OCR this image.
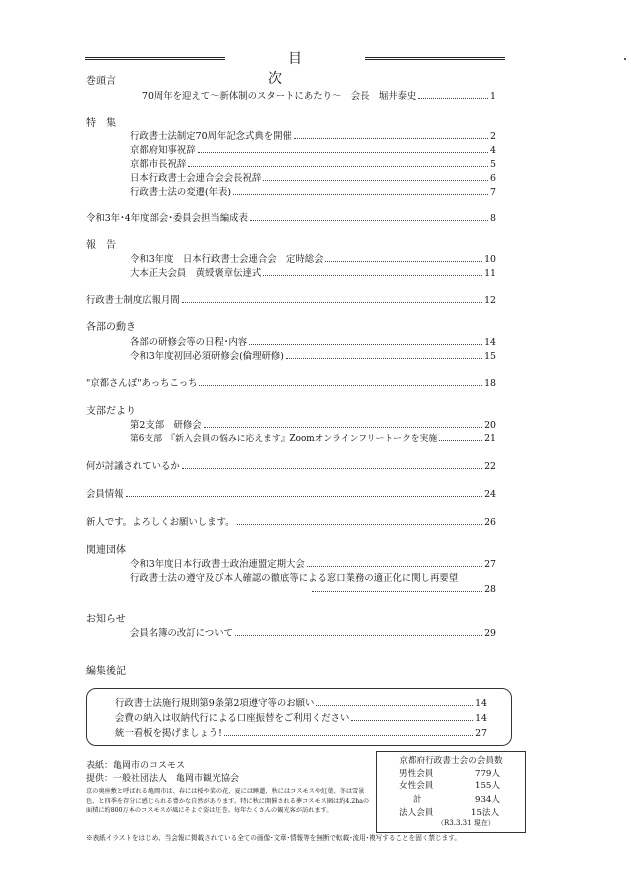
目　次
巻頭言
70周年を迎えて～新体制のスタートにあたり～　会長　堀井泰史	1
特　集
行政書士法制定70周年記念式典を開催	2
京都府知事祝辞	4
京都市長祝辞	5
日本行政書士会連合会会長祝辞	6
行政書士法の変遷(年表)	7
令和3年･4年度部会･委員会担当編成表	8
報　告
令和3年度　日本行政書士会連合会　定時総会	10
大本正夫会員　黄綬褒章伝達式	11
行政書士制度広報月間	12
各部の動き
各部の研修会等の日程･内容	14
令和3年度初回必須研修会(倫理研修)	15
"京都さんぽ"あっちこっち	18
支部だより
第2支部　研修会	20
第6支部　『新入会員の悩みに応えます』Zoomオンラインフリートークを実施	21
何が討議されているか	22
会員情報	24
新人です。よろしくお願いします。	26
関連団体
令和3年度日本行政書士政治連盟定期大会	27
行政書士法の遵守及び本人確認の徹底等による窓口業務の適正化に関し再要望
28
お知らせ
会員名簿の改訂について	29
編集後記
行政書士法施行規則第9条第2項遵守等のお願い	14
会費の納入は収納代行による口座振替をご利用ください	14
統一看板を掲げましょう!	27
表紙：亀岡市のコスモス
提供：一般社団法人　亀岡市観光協会
京の奥座敷と呼ばれる亀岡市は、春には桜や菜の花、夏には睡蓮、秋にはコスモスや紅葉、冬は雪景色、と四季を存分に感じられる豊かな自然があります。特に秋に開催される夢コスモス園は約4.2haの面積に約800万本のコスモスが風にそよぐ姿は圧巻。毎年たくさんの観光客が訪れます。
京都府行政書士会の会員数
男性会員	779人
女性会員	155人
計	934人
法人会員	15法人
（R3.3.31 現在）
※表紙イラストをはじめ、当会報に掲載されている全ての画像･文章･情報等を無断で転載･流用･複写することを固く禁じます。
